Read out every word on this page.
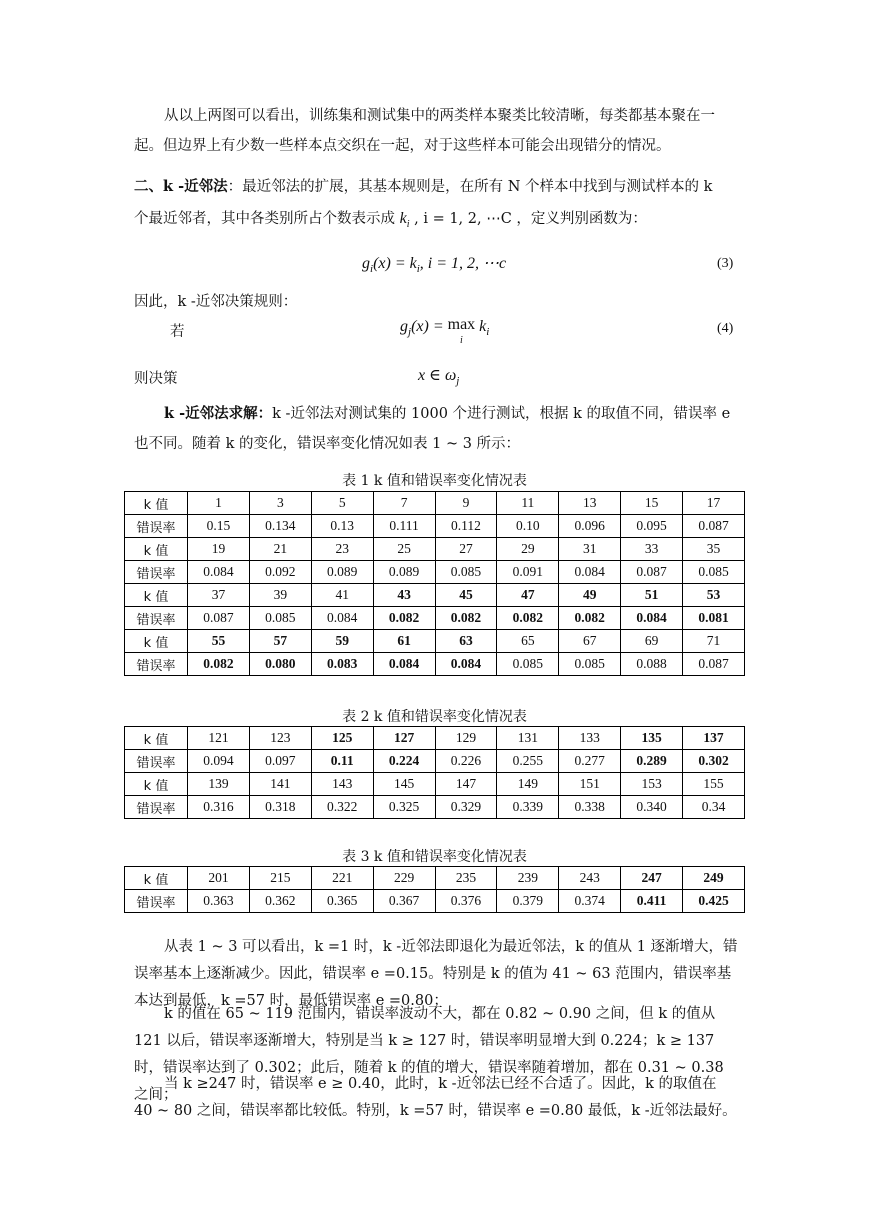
从以上两图可以看出，训练集和测试集中的两类样本聚类比较清晰，每类都基本聚在一起。但边界上有少数一些样本点交织在一起，对于这些样本可能会出现错分的情况。

二、k -近邻法：最近邻法的扩展，其基本规则是，在所有 N 个样本中找到与测试样本的 k
个最近邻者，其中各类别所占个数表示成 $k_i$ , i = 1, 2, ⋯C ，定义判别函数为：
$g_i(x) = k_i$, i = 1, 2, ⋯c	(3)
因此，k -近邻决策规则：
若	$g_j(x) = \max$
i $k_i$	(4)
则决策	x ∈ $\omega_j$

k -近邻法求解：k -近邻法对测试集的 1000 个进行测试，根据 k 的取值不同，错误率 e 也不同。随着 k 的变化，错误率变化情况如表 1 ~ 3 所示：

表 1 k 值和错误率变化情况表
k 值	1	3	5	7	9	11	13	15	17
错误率	0.15	0.134	0.13	0.111	0.112	0.10	0.096	0.095	0.087
k 值	19	21	23	25	27	29	31	33	35
错误率	0.084	0.092	0.089	0.089	0.085	0.091	0.084	0.087	0.085
k 值	37	39	41	43	45	47	49	51	53
错误率	0.087	0.085	0.084	0.082	0.082	0.082	0.082	0.084	0.081
k 值	55	57	59	61	63	65	67	69	71
错误率	0.082	0.080	0.083	0.084	0.084	0.085	0.085	0.088	0.087
表 2 k 值和错误率变化情况表
k 值	121	123	125	127	129	131	133	135	137
错误率	0.094	0.097	0.11	0.224	0.226	0.255	0.277	0.289	0.302
k 值	139	141	143	145	147	149	151	153	155
错误率	0.316	0.318	0.322	0.325	0.329	0.339	0.338	0.340	0.34
表 3 k 值和错误率变化情况表
k 值	201	215	221	229	235	239	243	247	249
错误率	0.363	0.362	0.365	0.367	0.376	0.379	0.374	0.411	0.425

从表 1 ~ 3 可以看出，k =1 时，k -近邻法即退化为最近邻法，k 的值从 1 逐渐增大，错误率基本上逐渐减少。因此，错误率 e =0.15。特别是 k 的值为 41 ~ 63 范围内，错误率基本达到最低，k =57 时，最低错误率 e =0.80；

k 的值在 65 ~ 119 范围内，错误率波动不大，都在 0.82 ~ 0.90 之间，但 k 的值从 121 以后，错误率逐渐增大，特别是当 k ≥ 127 时，错误率明显增大到 0.224；k ≥ 137 时，错误率达到了 0.302；此后，随着 k 的值的增大，错误率随着增加，都在 0.31 ~ 0.38 之间；

当 k ≥247 时，错误率 e ≥ 0.40，此时，k -近邻法已经不合适了。因此，k 的取值在 40 ~ 80 之间，错误率都比较低。特别，k =57 时，错误率 e =0.80 最低，k -近邻法最好。
